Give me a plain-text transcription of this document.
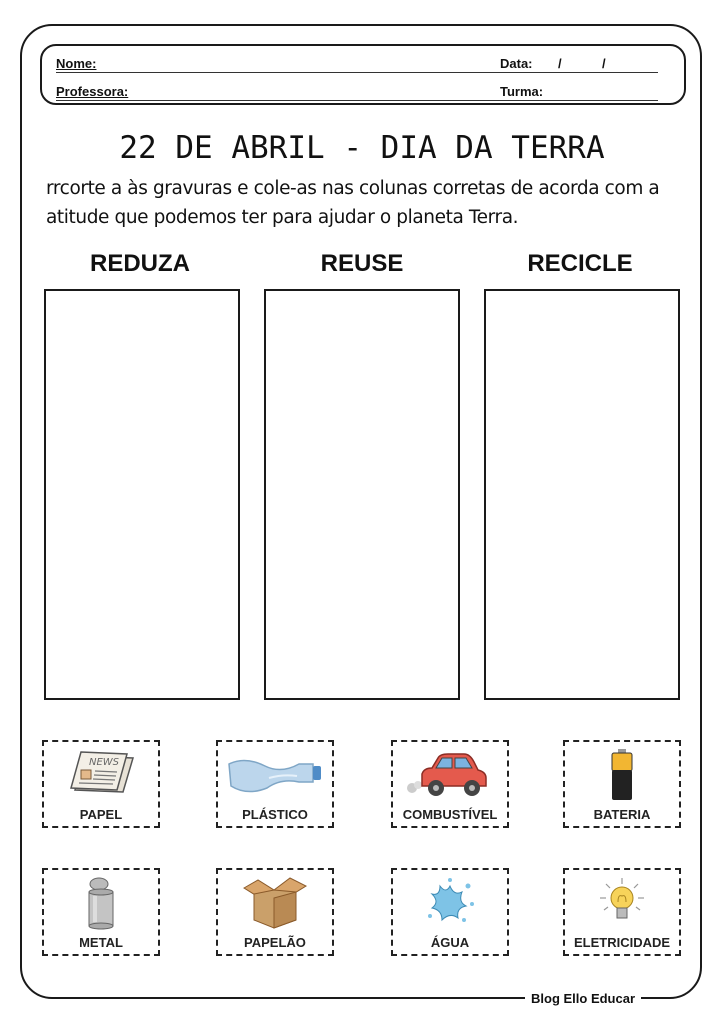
Blog Ello Educar
Nome:	Data: /	/
Professora:	Turma:
22 DE ABRIL - DIA DA TERRA
rrcorte a às gravuras e cole-as nas colunas corretas de acorda com a atitude que podemos ter para ajudar o planeta Terra.
REDUZA	REUSE	RECICLE
NEWS
PAPEL	PLÁSTICO	COMBUSTÍVEL	BATERIA
METAL	PAPELÃO	ÁGUA	ELETRICIDADE
